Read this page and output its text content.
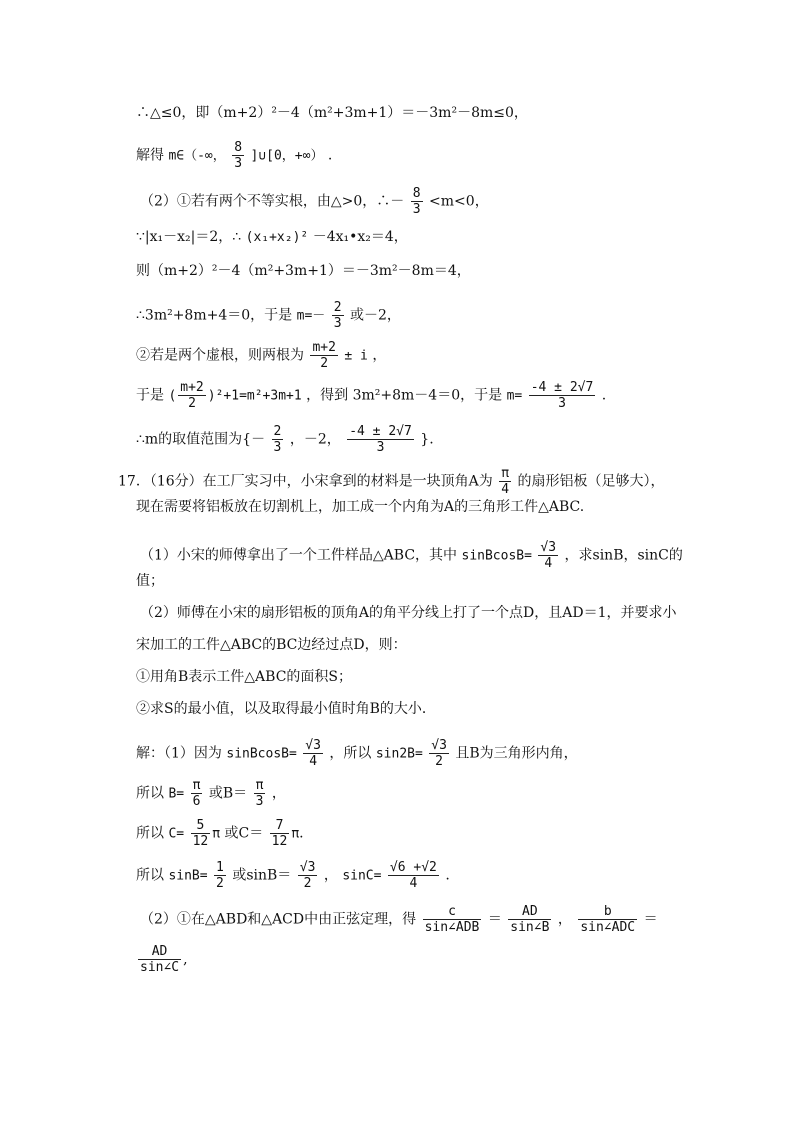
∴△≤0，即（m+2）²－4（m²+3m+1）＝－3m²－8m≤0，
解得 m∈（-∞， $\frac{8}{3}$ ]∪[0，+∞） .
（2）①若有两个不等实根，由△>0，∴－ $\frac{8}{3} <m<0$，
∵|x₁－x₂|＝2，∴ (x₁+x₂)² －4x₁•x₂＝4，
则（m+2）²－4（m²+3m+1）＝－3m²－8m＝4，
∴3m²+8m+4＝0，于是 $m=- \frac{2}{3}$ 或－2，
②若是两个虚根，则两根为 $\frac{m+2}{2} \pm i$ ，
于是 ( $\frac{m+2}{2} )^2+1=m^2+3m+1$ ，得到 3m²+8m－4＝0，于是 $m= \frac{-4 \pm 2√7}{3}$ .
∴m的取值范围为{－ $\frac{2}{3}$ ，－2， $\frac{-4 \pm 2√7}{3}$ }.
17．（16分）在工厂实习中，小宋拿到的材料是一块顶角A为 $\frac{\pi}{4}$ 的扇形铝板（足够大），
现在需要将铝板放在切割机上，加工成一个内角为A的三角形工件△ABC.
（1）小宋的师傅拿出了一个工件样品△ABC，其中 sinBcosB= $\frac{√3}{4}$ ，求sinB，sinC的
值；
（2）师傅在小宋的扇形铝板的顶角A的角平分线上打了一个点D，且AD＝1，并要求小
宋加工的工件△ABC的BC边经过点D，则：
①用角B表示工件△ABC的面积S；
②求S的最小值，以及取得最小值时角B的大小．
解：（1）因为 sinBcosB= $\frac{√3}{4}$ ，所以 $\sin 2B= \frac{√3}{2}$ 且B为三角形内角，
所以 $B= \frac{\pi}{6}$ 或$B= \frac{\pi}{3}$ ，
所以 $C= \frac{5}{12}$ π 或$C= \frac{7}{12} \pi$.
所以 $\sin B= \frac{1}{2}$ 或$\sin B= \frac{√3}{2}$ ， $\sin C= \frac{√6 +√2}{4}$ .
（2）①在△ABD和△ACD中由正弦定理，得 $\frac{c}{\text{sin∠ADB}} = \frac{AD}{\sin\angle B}$ ， $\frac{b}{\text{sin∠ADC}}$ ＝
$\frac{AD}{\sin\angle C}$ ,
